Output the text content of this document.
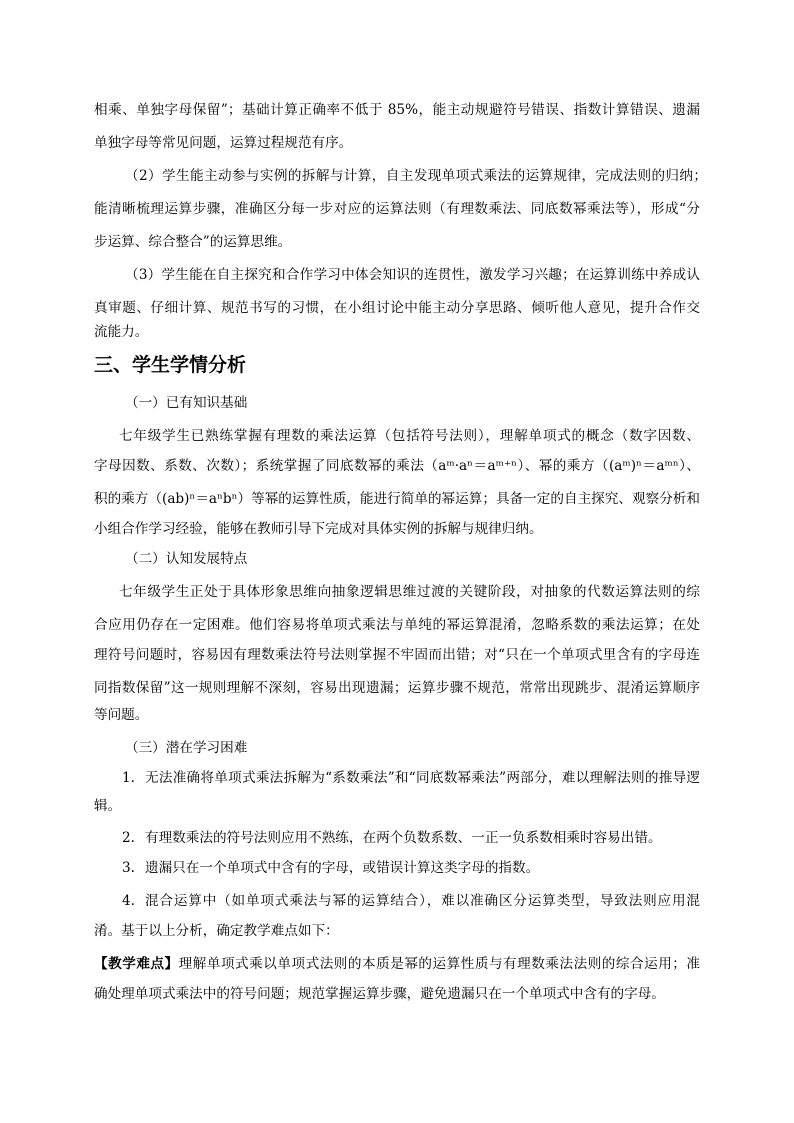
相乘、单独字母保留”；基础计算正确率不低于 85%，能主动规避符号错误、指数计算错误、遗漏
单独字母等常见问题，运算过程规范有序。
（2）学生能主动参与实例的拆解与计算，自主发现单项式乘法的运算规律，完成法则的归纳；
能清晰梳理运算步骤，准确区分每一步对应的运算法则（有理数乘法、同底数幂乘法等），形成“分
步运算、综合整合”的运算思维。
（3）学生能在自主探究和合作学习中体会知识的连贯性，激发学习兴趣；在运算训练中养成认
真审题、仔细计算、规范书写的习惯，在小组讨论中能主动分享思路、倾听他人意见，提升合作交
流能力。
三、学生学情分析
（一）已有知识基础
七年级学生已熟练掌握有理数的乘法运算（包括符号法则），理解单项式的概念（数字因数、
字母因数、系数、次数）；系统掌握了同底数幂的乘法（aᵐ·aⁿ＝aᵐ⁺ⁿ）、幂的乘方（(aᵐ)ⁿ＝aᵐⁿ）、
积的乘方（(ab)ⁿ＝aⁿbⁿ）等幂的运算性质，能进行简单的幂运算；具备一定的自主探究、观察分析和
小组合作学习经验，能够在教师引导下完成对具体实例的拆解与规律归纳。
（二）认知发展特点
七年级学生正处于具体形象思维向抽象逻辑思维过渡的关键阶段，对抽象的代数运算法则的综
合应用仍存在一定困难。他们容易将单项式乘法与单纯的幂运算混淆，忽略系数的乘法运算；在处
理符号问题时，容易因有理数乘法符号法则掌握不牢固而出错；对“只在一个单项式里含有的字母连
同指数保留”这一规则理解不深刻，容易出现遗漏；运算步骤不规范，常常出现跳步、混淆运算顺序
等问题。
（三）潜在学习困难
1. 无法准确将单项式乘法拆解为“系数乘法”和“同底数幂乘法”两部分，难以理解法则的推导逻
辑。
2. 有理数乘法的符号法则应用不熟练，在两个负数系数、一正一负系数相乘时容易出错。
3. 遗漏只在一个单项式中含有的字母，或错误计算这类字母的指数。
4. 混合运算中（如单项式乘法与幂的运算结合），难以准确区分运算类型，导致法则应用混
淆。基于以上分析，确定教学难点如下：
【教学难点】理解单项式乘以单项式法则的本质是幂的运算性质与有理数乘法法则的综合运用；准
确处理单项式乘法中的符号问题；规范掌握运算步骤，避免遗漏只在一个单项式中含有的字母。
